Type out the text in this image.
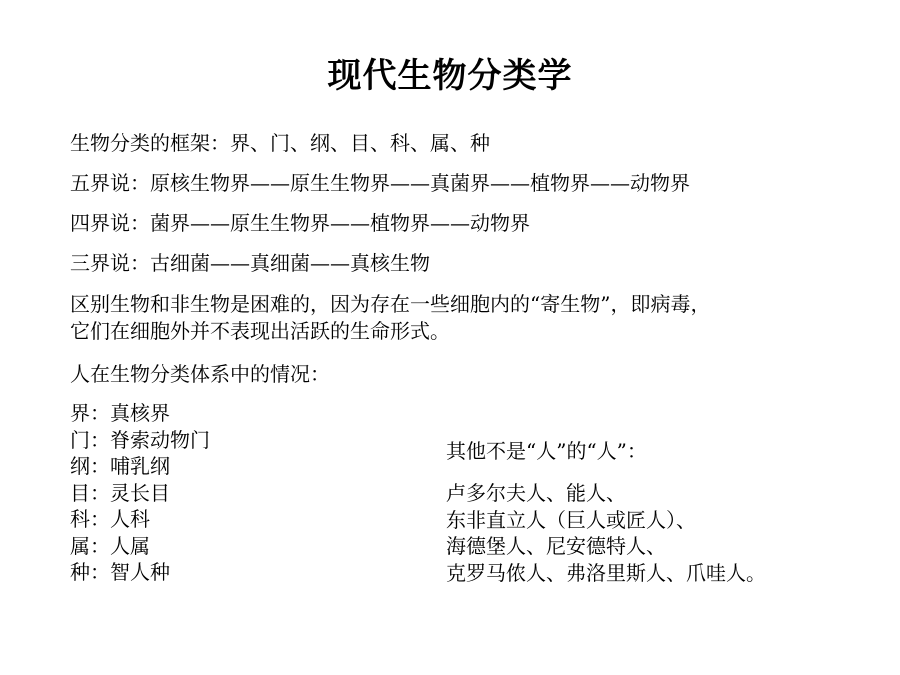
现代生物分类学
生物分类的框架：界、门、纲、目、科、属、种
五界说：原核生物界——原生生物界——真菌界——植物界——动物界
四界说：菌界——原生生物界——植物界——动物界
三界说：古细菌——真细菌——真核生物
区别生物和非生物是困难的，因为存在一些细胞内的“寄生物”，即病毒，
它们在细胞外并不表现出活跃的生命形式。
人在生物分类体系中的情况：
界：真核界
门：脊索动物门
纲：哺乳纲
目：灵长目
科：人科
属：人属
种：智人种
其他不是“人”的“人”：
卢多尔夫人、能人、
东非直立人（巨人或匠人）、
海德堡人、尼安德特人、
克罗马侬人、弗洛里斯人、爪哇人。
